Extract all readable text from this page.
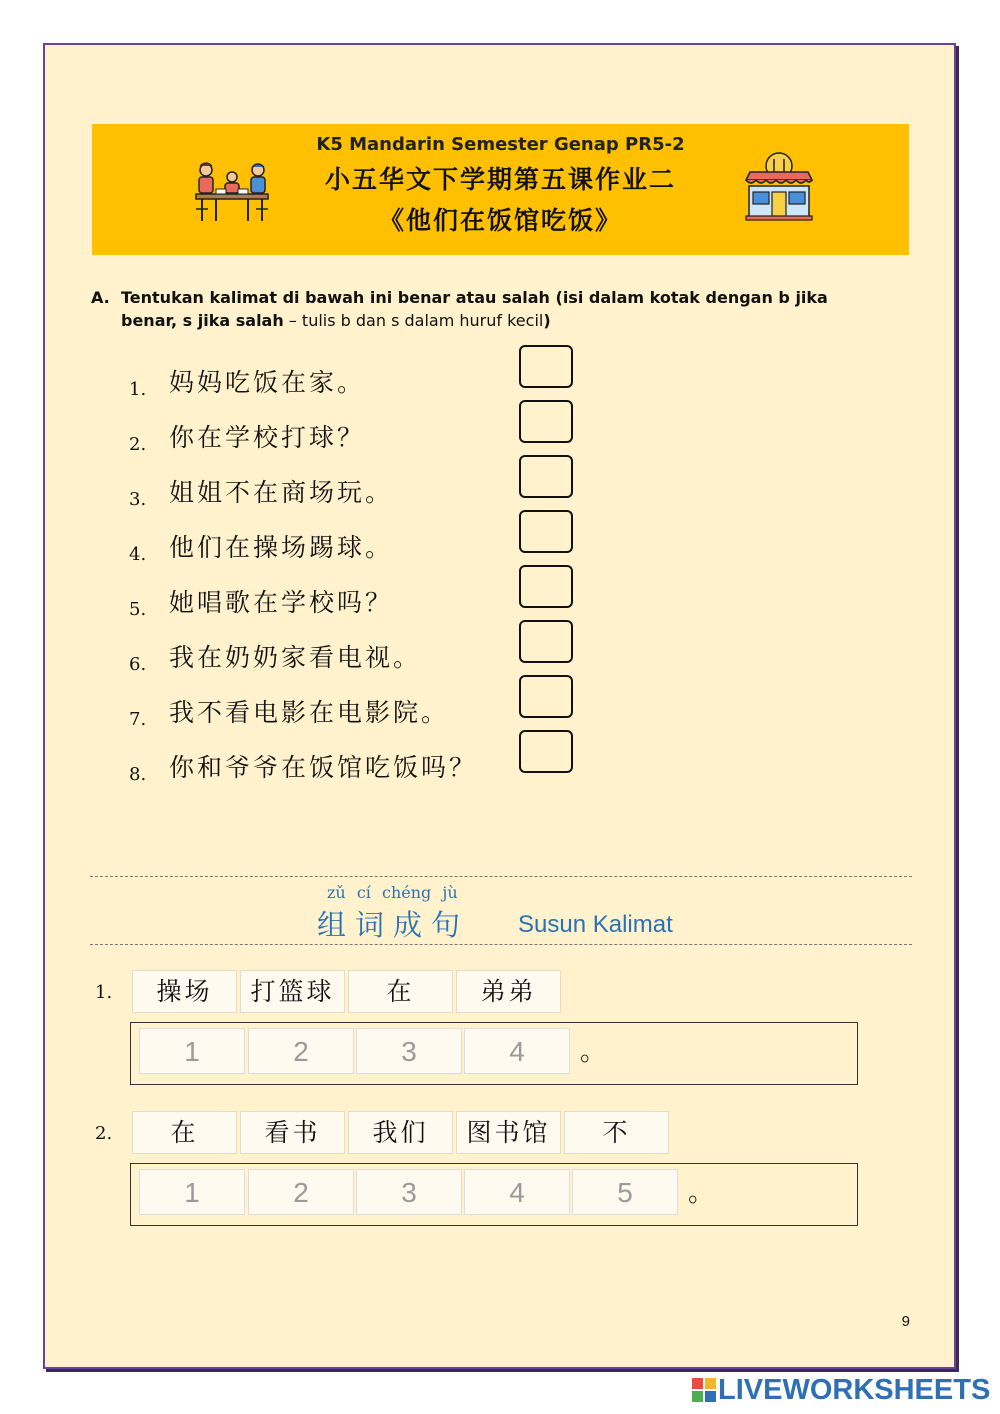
K5 Mandarin Semester Genap PR5-2
小五华文下学期第五课作业二
《他们在饭馆吃饭》
A. Tentukan kalimat di bawah ini benar atau salah (isi dalam kotak dengan b jika benar, s jika salah – tulis b dan s dalam huruf kecil)
1. 妈妈吃饭在家。
2. 你在学校打球？
3. 姐姐不在商场玩。
4. 他们在操场踢球。
5. 她唱歌在学校吗？
6. 我在奶奶家看电视。
7. 我不看电影在电影院。
8. 你和爷爷在饭馆吃饭吗？
zǔ cí chéng jù
组词成句 Susun Kalimat
1.	操场	打篮球	在	弟弟
1	2	3	4	。
2.	在	看书	我们	图书馆	不
1	2	3	4	5	。
9
LIVEWORKSHEETS
